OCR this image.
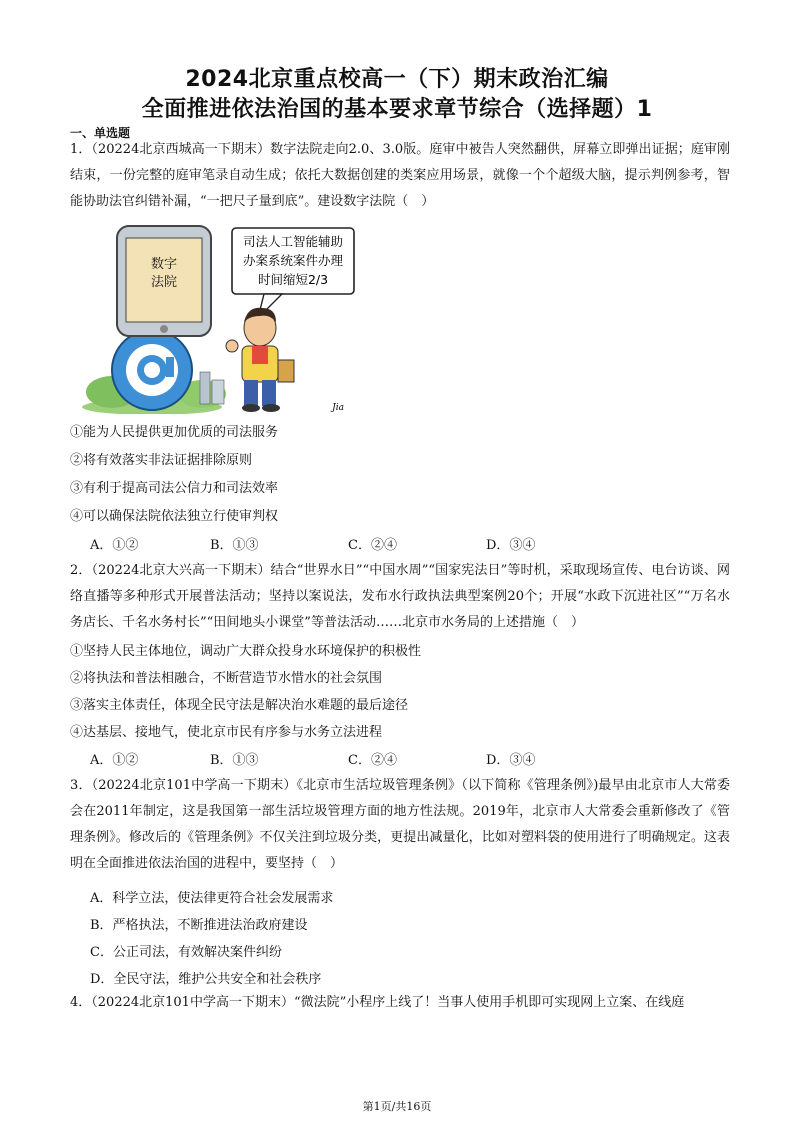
2024北京重点校高一（下）期末政治汇编
全面推进依法治国的基本要求章节综合（选择题）1
一、单选题
1．（20224北京西城高一下期末）数字法院走向2.0、3.0版。庭审中被告人突然翻供，屏幕立即弹出证据；庭审刚结束，一份完整的庭审笔录自动生成；依托大数据创建的类案应用场景，就像一个个超级大脑，提示判例参考，智能协助法官纠错补漏，“一把尺子量到底”。建设数字法院（　）
数字
法院
司法人工智能辅助
办案系统案件办理
时间缩短2/3
Jia
①能为人民提供更加优质的司法服务
②将有效落实非法证据排除原则
③有利于提高司法公信力和司法效率
④可以确保法院依法独立行使审判权
A．①②	B．①③	C．②④	D．③④
2．（20224北京大兴高一下期末）结合“世界水日”“中国水周”“国家宪法日”等时机，采取现场宣传、电台访谈、网络直播等多种形式开展普法活动；坚持以案说法，发布水行政执法典型案例20个；开展“水政下沉进社区”“万名水务店长、千名水务村长”“田间地头小课堂”等普法活动……北京市水务局的上述措施（　）
①坚持人民主体地位，调动广大群众投身水环境保护的积极性
②将执法和普法相融合，不断营造节水惜水的社会氛围
③落实主体责任，体现全民守法是解决治水难题的最后途径
④达基层、接地气，使北京市民有序参与水务立法进程
A．①②	B．①③	C．②④	D．③④
3．（20224北京101中学高一下期末）《北京市生活垃圾管理条例》（以下简称《管理条例》)最早由北京市人大常委会在2011年制定，这是我国第一部生活垃圾管理方面的地方性法规。2019年，北京市人大常委会重新修改了《管理条例》。修改后的《管理条例》不仅关注到垃圾分类，更提出减量化，比如对塑料袋的使用进行了明确规定。这表明在全面推进依法治国的进程中，要坚持（　）
A．科学立法，使法律更符合社会发展需求
B．严格执法，不断推进法治政府建设
C．公正司法，有效解决案件纠纷
D．全民守法，维护公共安全和社会秩序
4．（20224北京101中学高一下期末）“微法院”小程序上线了！当事人使用手机即可实现网上立案、在线庭
第1页/共16页
